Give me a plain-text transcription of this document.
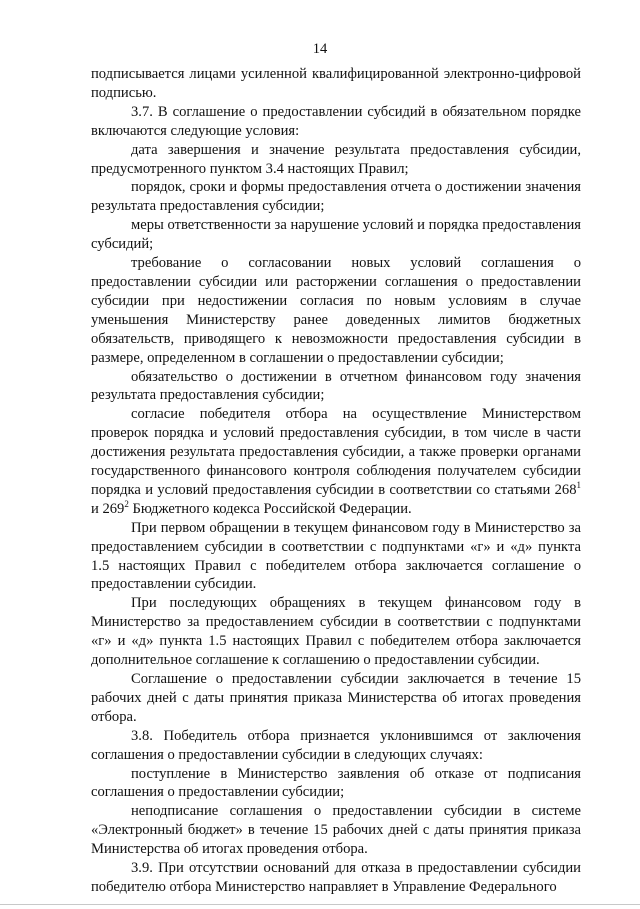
14

подписывается лицами усиленной квалифицированной электронно-цифровой подписью.

3.7. В соглашение о предоставлении субсидий в обязательном порядке включаются следующие условия:

дата завершения и значение результата предоставления субсидии, предусмотренного пунктом 3.4 настоящих Правил;

порядок, сроки и формы предоставления отчета о достижении значения результата предоставления субсидии;

меры ответственности за нарушение условий и порядка предоставления субсидий;

требование о согласовании новых условий соглашения о предоставлении субсидии или расторжении соглашения о предоставлении субсидии при недостижении согласия по новым условиям в случае уменьшения Министерству ранее доведенных лимитов бюджетных обязательств, приводящего к невозможности предоставления субсидии в размере, определенном в соглашении о предоставлении субсидии;

обязательство о достижении в отчетном финансовом году значения результата предоставления субсидии;

согласие победителя отбора на осуществление Министерством проверок порядка и условий предоставления субсидии, в том числе в части достижения результата предоставления субсидии, а также проверки органами государственного финансового контроля соблюдения получателем субсидии порядка и условий предоставления субсидии в соответствии со статьями $268^1$ и $269^2$ Бюджетного кодекса Российской Федерации.

При первом обращении в текущем финансовом году в Министерство за предоставлением субсидии в соответствии с подпунктами «г» и «д» пункта 1.5 настоящих Правил с победителем отбора заключается соглашение о предоставлении субсидии.

При последующих обращениях в текущем финансовом году в Министерство за предоставлением субсидии в соответствии с подпунктами «г» и «д» пункта 1.5 настоящих Правил с победителем отбора заключается дополнительное соглашение к соглашению о предоставлении субсидии.

Соглашение о предоставлении субсидии заключается в течение 15 рабочих дней с даты принятия приказа Министерства об итогах проведения отбора.

3.8. Победитель отбора признается уклонившимся от заключения соглашения о предоставлении субсидии в следующих случаях:

поступление в Министерство заявления об отказе от подписания соглашения о предоставлении субсидии;

неподписание соглашения о предоставлении субсидии в системе «Электронный бюджет» в течение 15 рабочих дней с даты принятия приказа Министерства об итогах проведения отбора.

3.9. При отсутствии оснований для отказа в предоставлении субсидии победителю отбора Министерство направляет в Управление Федерального
